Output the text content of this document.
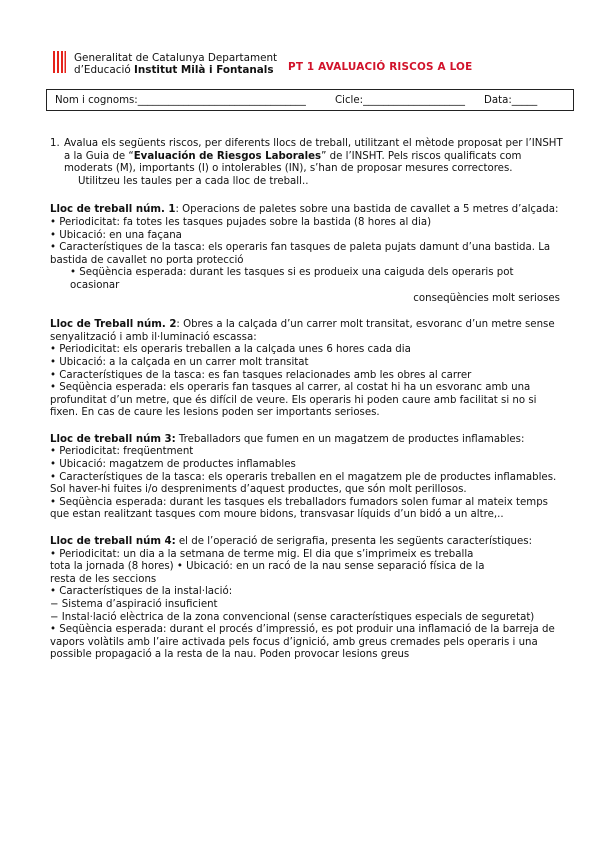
Generalitat de Catalunya Departament
d’Educació Institut Milà i Fontanals	PT 1 AVALUACIÓ RISCOS A LOE
Nom i cognoms:_________________________________	Cicle:____________________ Data:_____
1. Avalua els següents riscos, per diferents llocs de treball, utilitzant el mètode proposat per l’INSHT a la Guia de “Evaluación de Riesgos Laborales” de l’INSHT. Pels riscos qualificats com moderats (M), importants (I) o intolerables (IN), s’han de proposar mesures correctores.

Utilitzeu les taules per a cada lloc de treball..

Lloc de treball núm. 1: Operacions de paletes sobre una bastida de cavallet a 5 metres d’alçada:

• Periodicitat: fa totes les tasques pujades sobre la bastida (8 hores al dia)

• Ubicació: en una façana

• Característiques de la tasca: els operaris fan tasques de paleta pujats damunt d’una bastida. La bastida de cavallet no porta protecció

• Seqüència esperada: durant les tasques si es produeix una caiguda dels operaris pot ocasionar

conseqüències molt serioses

Lloc de Treball núm. 2: Obres a la calçada d’un carrer molt transitat, esvoranc d’un metre sense senyalització i amb il·luminació escassa:

• Periodicitat: els operaris treballen a la calçada unes 6 hores cada dia

• Ubicació: a la calçada en un carrer molt transitat

• Característiques de la tasca: es fan tasques relacionades amb les obres al carrer

• Seqüència esperada: els operaris fan tasques al carrer, al costat hi ha un esvoranc amb una profunditat d’un metre, que és difícil de veure. Els operaris hi poden caure amb facilitat si no si fixen. En cas de caure les lesions poden ser importants serioses.

Lloc de treball núm 3: Treballadors que fumen en un magatzem de productes inflamables:

• Periodicitat: freqüentment

• Ubicació: magatzem de productes inflamables

• Característiques de la tasca: els operaris treballen en el magatzem ple de productes inflamables. Sol haver-hi fuites i/o despreniments d’aquest productes, que són molt perillosos.

• Seqüència esperada: durant les tasques els treballadors fumadors solen fumar al mateix temps que estan realitzant tasques com moure bidons, transvasar líquids d’un bidó a un altre,..

Lloc de treball núm 4: el de l’operació de serigrafia, presenta les següents característiques:

• Periodicitat: un dia a la setmana de terme mig. El dia que s’imprimeix es treballa

tota la jornada (8 hores) • Ubicació: en un racó de la nau sense separació física de la

resta de les seccions

• Característiques de la instal·lació:

− Sistema d’aspiració insuficient

− Instal·lació elèctrica de la zona convencional (sense característiques especials de seguretat)

• Seqüència esperada: durant el procés d’impressió, es pot produir una inflamació de la barreja de vapors volàtils amb l’aire activada pels focus d’ignició, amb greus cremades pels operaris i una possible propagació a la resta de la nau. Poden provocar lesions greus
